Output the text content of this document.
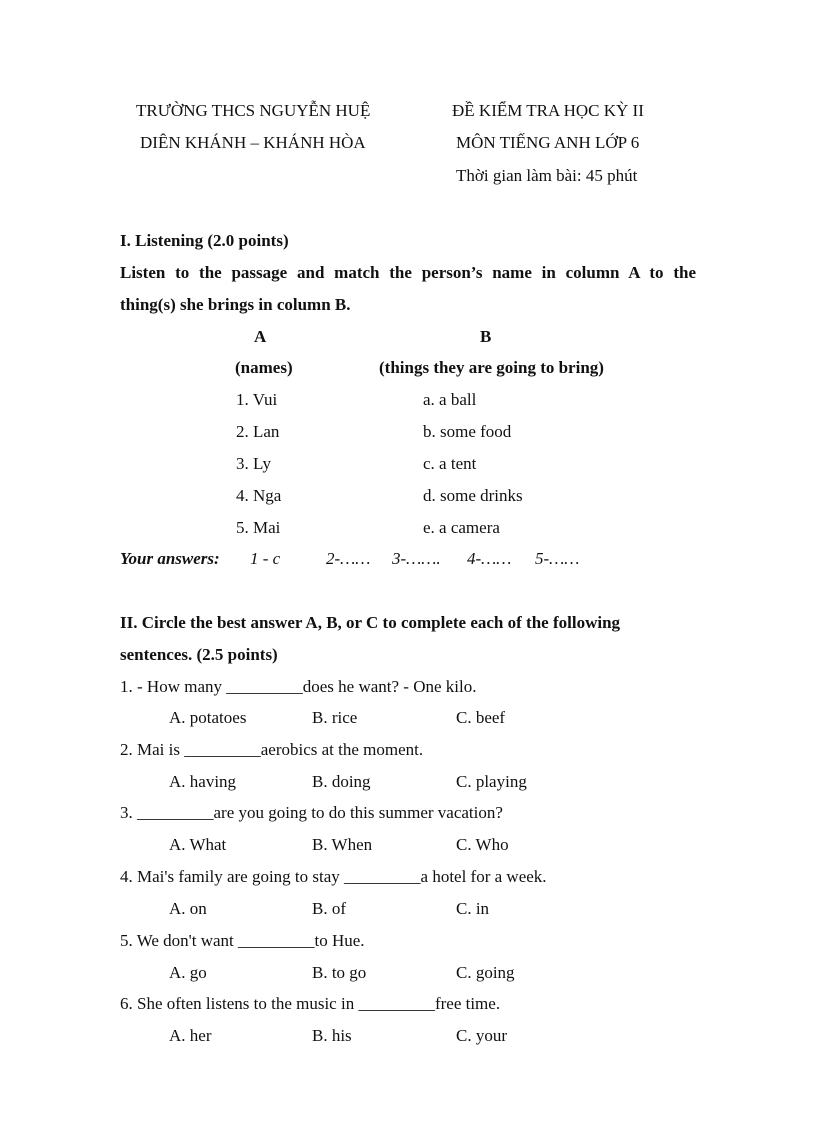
TRƯỜNG THCS NGUYỄN HUỆ	ĐỀ KIỂM TRA HỌC KỲ II
DIÊN KHÁNH – KHÁNH HÒA	MÔN TIẾNG ANH LỚP 6
Thời gian làm bài: 45 phút
I. Listening (2.0 points)
Listen to the passage and match the person’s name in column A to the
thing(s) she brings in column B.
A	B
(names)	(things they are going to bring)
1. Vui	a. a ball
2. Lan	b. some food
3. Ly	c. a tent
4. Nga	d. some drinks
5. Mai	e. a camera
Your answers: 1 - c	2-…… 3-……. 4-…… 5-……
II. Circle the best answer A, B, or C to complete each of the following
sentences. (2.5 points)
1. - How many _________does he want? - One kilo.
A. potatoes	B. rice	C. beef
2. Mai is _________aerobics at the moment.
A. having	B. doing	C. playing
3. _________are you going to do this summer vacation?
A. What	B. When	C. Who
4. Mai's family are going to stay _________a hotel for a week.
A. on	B. of	C. in
5. We don't want _________to Hue.
A. go	B. to go	C. going
6. She often listens to the music in _________free time.
A. her	B. his	C. your
